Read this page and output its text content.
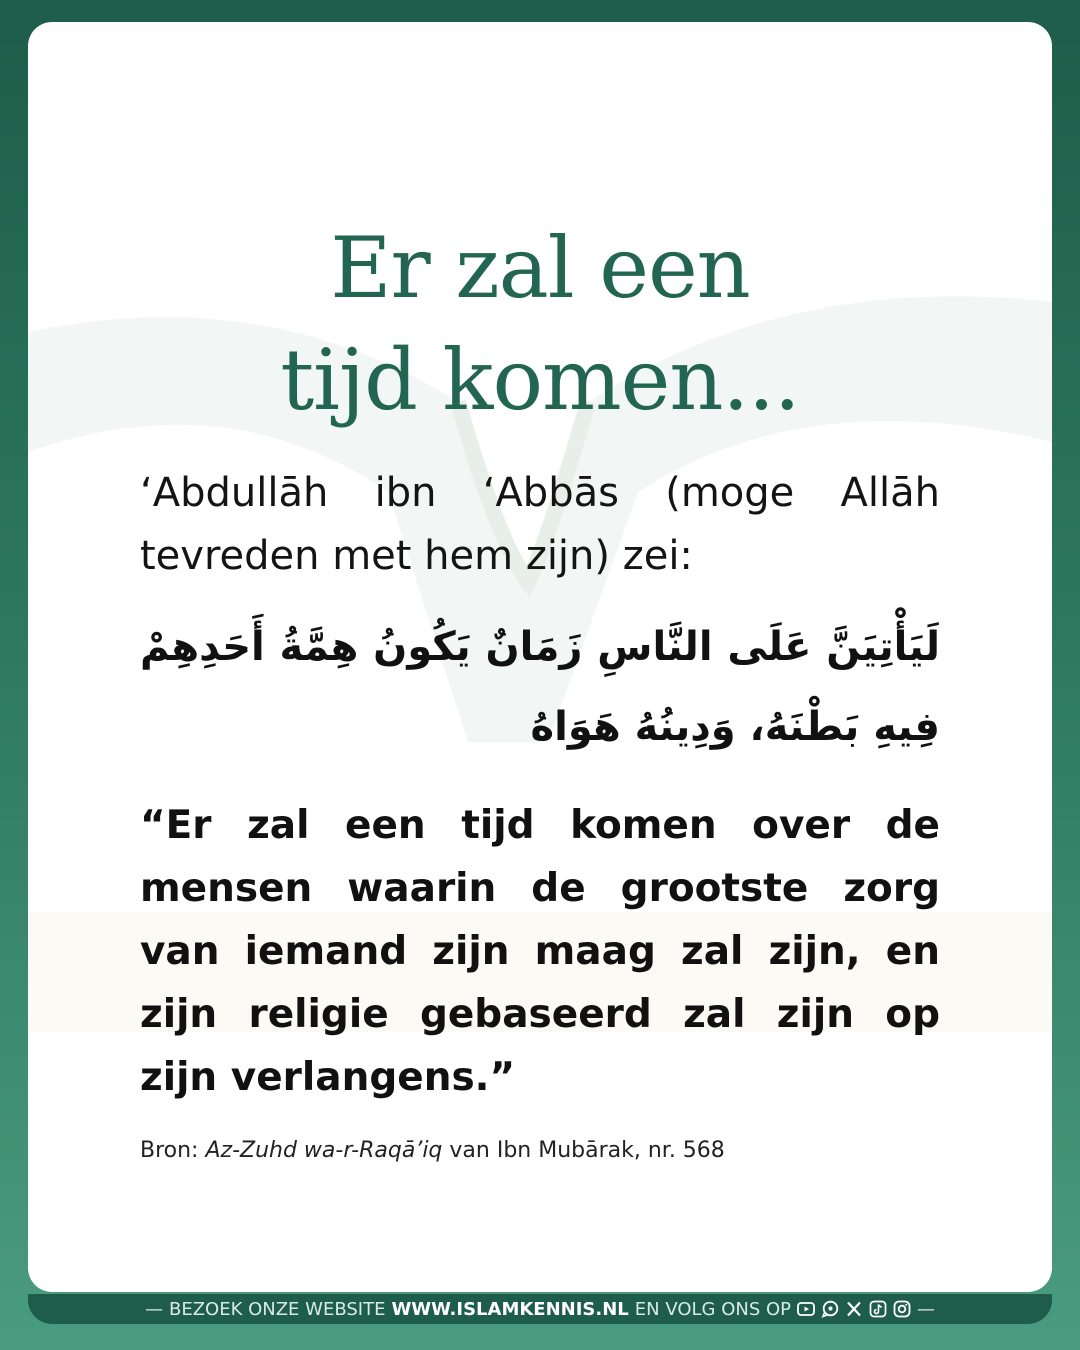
Er zal een
tijd komen...

‘Abdullāh ibn ‘Abbās (moge Allāh tevreden met hem zijn) zei:

لَيَأْتِيَنَّ عَلَى النَّاسِ زَمَانٌ يَكُونُ هِمَّةُ أَحَدِهِمْ فِيهِ بَطْنَهُ، وَدِينُهُ هَوَاهُ

“Er zal een tijd komen over de mensen waarin de grootste zorg van iemand zijn maag zal zijn, en zijn religie gebaseerd zal zijn op zijn verlangens.”

Bron: Az-Zuhd wa-r-Raqā’iq van Ibn Mubārak, nr. 568

— BEZOEK ONZE WEBSITE WWW.ISLAMKENNIS.NL EN VOLG ONS OP	—
